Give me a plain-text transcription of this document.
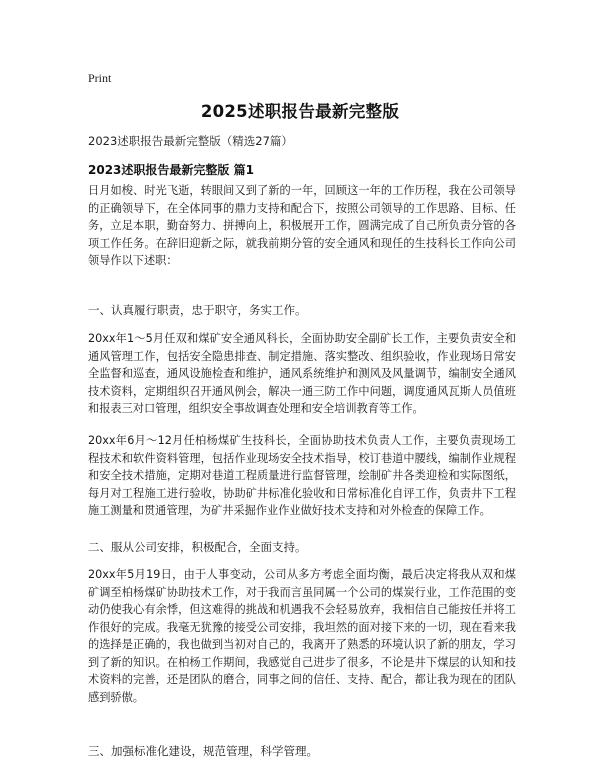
Print
2025述职报告最新完整版
2023述职报告最新完整版（精选27篇）
2023述职报告最新完整版 篇1

日月如梭、时光飞逝，转眼间又到了新的一年，回顾这一年的工作历程，我在公司领导的正确领导下，在全体同事的鼎力支持和配合下，按照公司领导的工作思路、目标、任务，立足本职，勤奋努力、拼搏向上，积极展开工作，圆满完成了自己所负责分管的各项工作任务。在辞旧迎新之际，就我前期分管的安全通风和现任的生技科长工作向公司领导作以下述职：

一、认真履行职责，忠于职守，务实工作。

20xx年1～5月任双和煤矿安全通风科长，全面协助安全副矿长工作，主要负责安全和通风管理工作，包括安全隐患排查、制定措施、落实整改、组织验收，作业现场日常安全监督和巡查，通风设施检查和维护，通风系统维护和测风及风量调节，编制安全通风技术资料，定期组织召开通风例会，解决一通三防工作中问题，调度通风瓦斯人员值班和报表三对口管理，组织安全事故调查处理和安全培训教育等工作。

20xx年6月～12月任柏杨煤矿生技科长，全面协助技术负责人工作，主要负责现场工程技术和软件资料管理，包括作业现场安全技术指导，校订巷道中腰线，编制作业规程和安全技术措施，定期对巷道工程质量进行监督管理，绘制矿井各类迎检和实际图纸，每月对工程施工进行验收，协助矿井标准化验收和日常标准化自评工作，负责井下工程施工测量和贯通管理，为矿井采掘作业作业做好技术支持和对外检查的保障工作。

二、服从公司安排，积极配合，全面支持。

20xx年5月19日，由于人事变动，公司从多方考虑全面均衡，最后决定将我从双和煤矿调至柏杨煤矿协助技术工作，对于我而言虽同属一个公司的煤炭行业，工作范围的变动仍使我心有余悸，但这难得的挑战和机遇我不会轻易放弃，我相信自己能按任并将工作很好的完成。我毫无犹豫的接受公司安排，我坦然的面对接下来的一切，现在看来我的选择是正确的，我也做到当初对自己的，我离开了熟悉的环境认识了新的朋友，学习到了新的知识。在柏杨工作期间，我感觉自己进步了很多，不论是井下煤层的认知和技术资料的完善，还是团队的磨合，同事之间的信任、支持、配合，都让我为现在的团队感到骄傲。

三、加强标准化建设，规范管理，科学管理。
